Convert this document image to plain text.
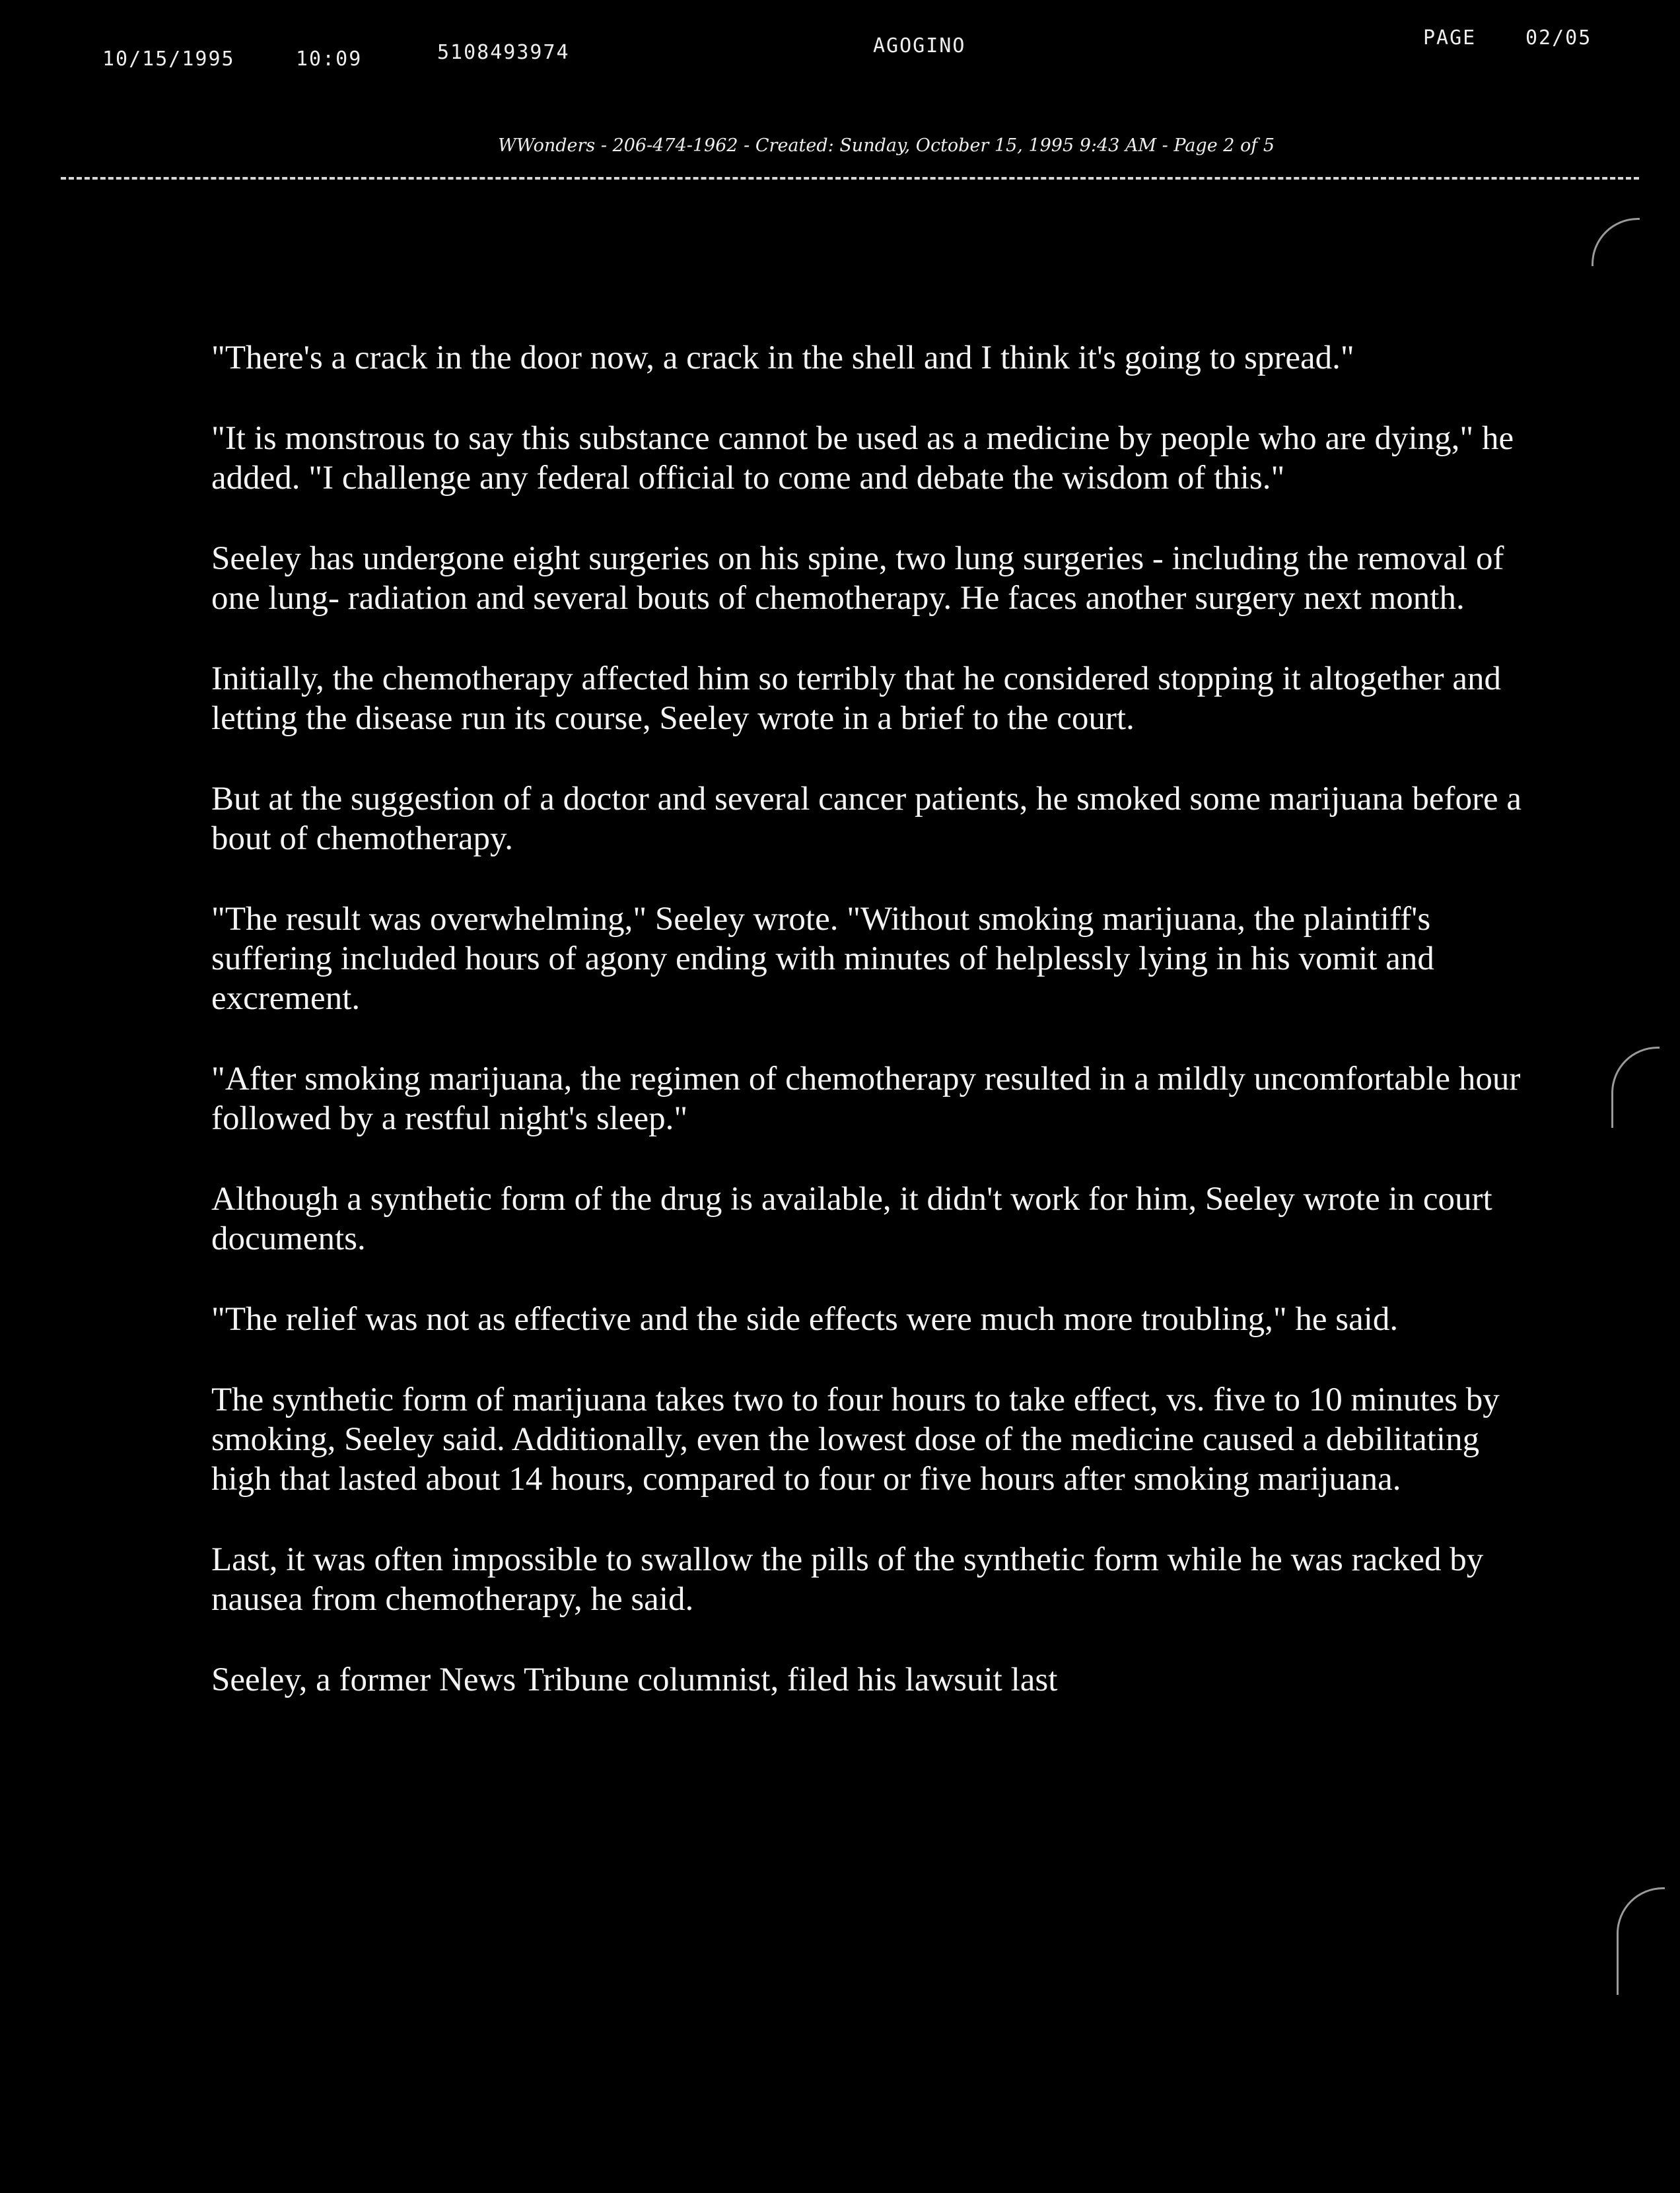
10/15/1995	10:09	5108493974	AGOGINO	PAGE 02/05
WWonders - 206-474-1962 - Created: Sunday, October 15, 1995 9:43 AM - Page 2 of 5

"There's a crack in the door now, a crack in the shell and I think it's going to spread."

"It is monstrous to say this substance cannot be used as a medicine by people who are dying," he added. "I challenge any federal official to come and debate the wisdom of this."

Seeley has undergone eight surgeries on his spine, two lung surgeries - including the removal of one lung- radiation and several bouts of chemotherapy. He faces another surgery next month.

Initially, the chemotherapy affected him so terribly that he considered stopping it altogether and letting the disease run its course, Seeley wrote in a brief to the court.

But at the suggestion of a doctor and several cancer patients, he smoked some marijuana before a bout of chemotherapy.

"The result was overwhelming," Seeley wrote. "Without smoking marijuana, the plaintiff's suffering included hours of agony ending with minutes of helplessly lying in his vomit and excrement.

"After smoking marijuana, the regimen of chemotherapy resulted in a mildly uncomfortable hour followed by a restful night's sleep."

Although a synthetic form of the drug is available, it didn't work for him, Seeley wrote in court documents.

"The relief was not as effective and the side effects were much more troubling," he said.

The synthetic form of marijuana takes two to four hours to take effect, vs. five to 10 minutes by smoking, Seeley said. Additionally, even the lowest dose of the medicine caused a debilitating high that lasted about 14 hours, compared to four or five hours after smoking marijuana.

Last, it was often impossible to swallow the pills of the synthetic form while he was racked by nausea from chemotherapy, he said.

Seeley, a former News Tribune columnist, filed his lawsuit last
